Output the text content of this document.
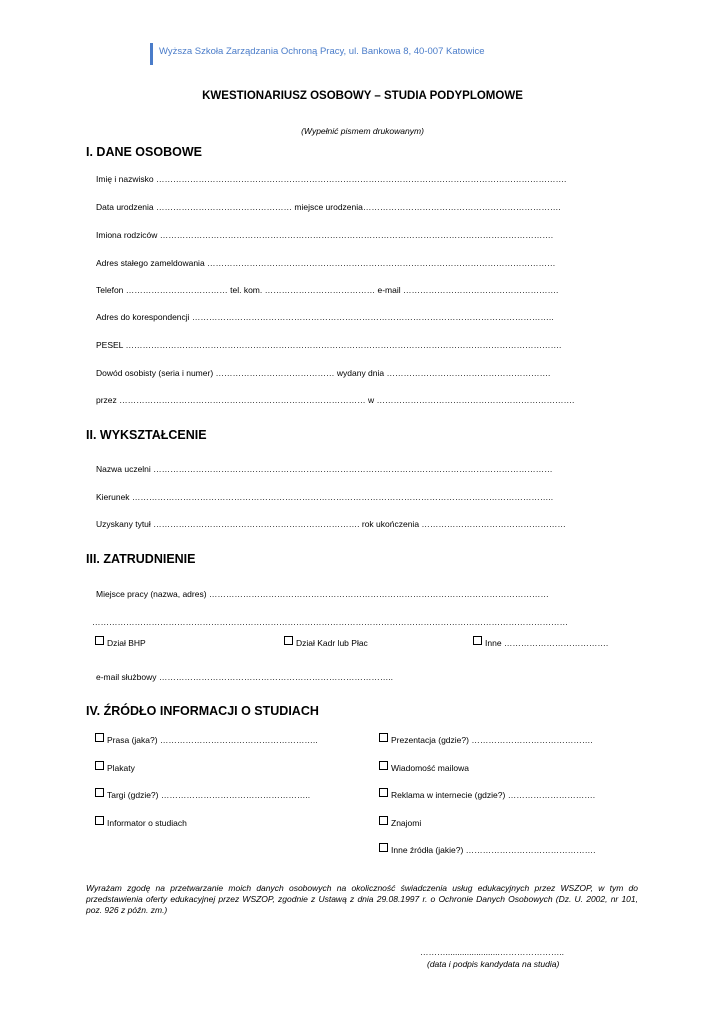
Wyższa Szkoła Zarządzania Ochroną Pracy, ul. Bankowa 8, 40-007 Katowice
KWESTIONARIUSZ OSOBOWY – STUDIA PODYPLOMOWE
(Wypełnić pismem drukowanym)
I. DANE OSOBOWE
Imię i nazwisko ……………………………………………………………………………………………………………………………….
Data urodzenia ………………………………………… miejsce urodzenia…………………………………………………………….
Imiona rodziców ………………………………………………………………………………………………………………………….
Adres stałego zameldowania ……………………………………………………………………………………………………………
Telefon ……………………………… tel. kom. ………………………………… e-mail ……………………………………………….
Adres do korespondencji ………………………………………………………………………………………………………………..
PESEL ……………………………………………………………………………………………………………………………………….
Dowód osobisty (seria i numer) …………………………………… wydany dnia ………………………………………………….
przez …………………………………………………………………………… w …………………………………………………………….
II. WYKSZTAŁCENIE
Nazwa uczelni ……………………………………………………………………………………………………………………………
Kierunek …………………………………………………………………………………………………………………………………..
Uzyskany tytuł ………………………………………………………………. rok ukończenia ……………………………………………
III. ZATRUDNIENIE
Miejsce pracy (nazwa, adres) …………………………………………………………………………………………………………
……………………………………………………………………………………………………………………………………………………
Dział BHP	Dział Kadr lub Płac	Inne ……………………………….
e-mail służbowy ………………………………………………………………………..
IV. ŹRÓDŁO INFORMACJI O STUDIACH
Prasa (jaka?) ………………………………………………..	Prezentacja (gdzie?) …………………………………….
Plakaty	Wiadomość mailowa
Targi (gdzie?) ……………………………………………..	Reklama w internecie (gdzie?) ………………………….
Informator o studiach	Znajomi
Inne źródła (jakie?) ……………………………………….
Wyrażam zgodę na przetwarzanie moich danych osobowych na okoliczność świadczenia usług edukacyjnych przez WSZOP, w tym do przedstawienia oferty edukacyjnej przez WSZOP, zgodnie z Ustawą z dnia 29.08.1997 r. o Ochronie Danych Osobowych (Dz. U. 2002, nr 101, poz. 926 z późn. zm.)
……….......................…………………..
(data i podpis kandydata na studia)
